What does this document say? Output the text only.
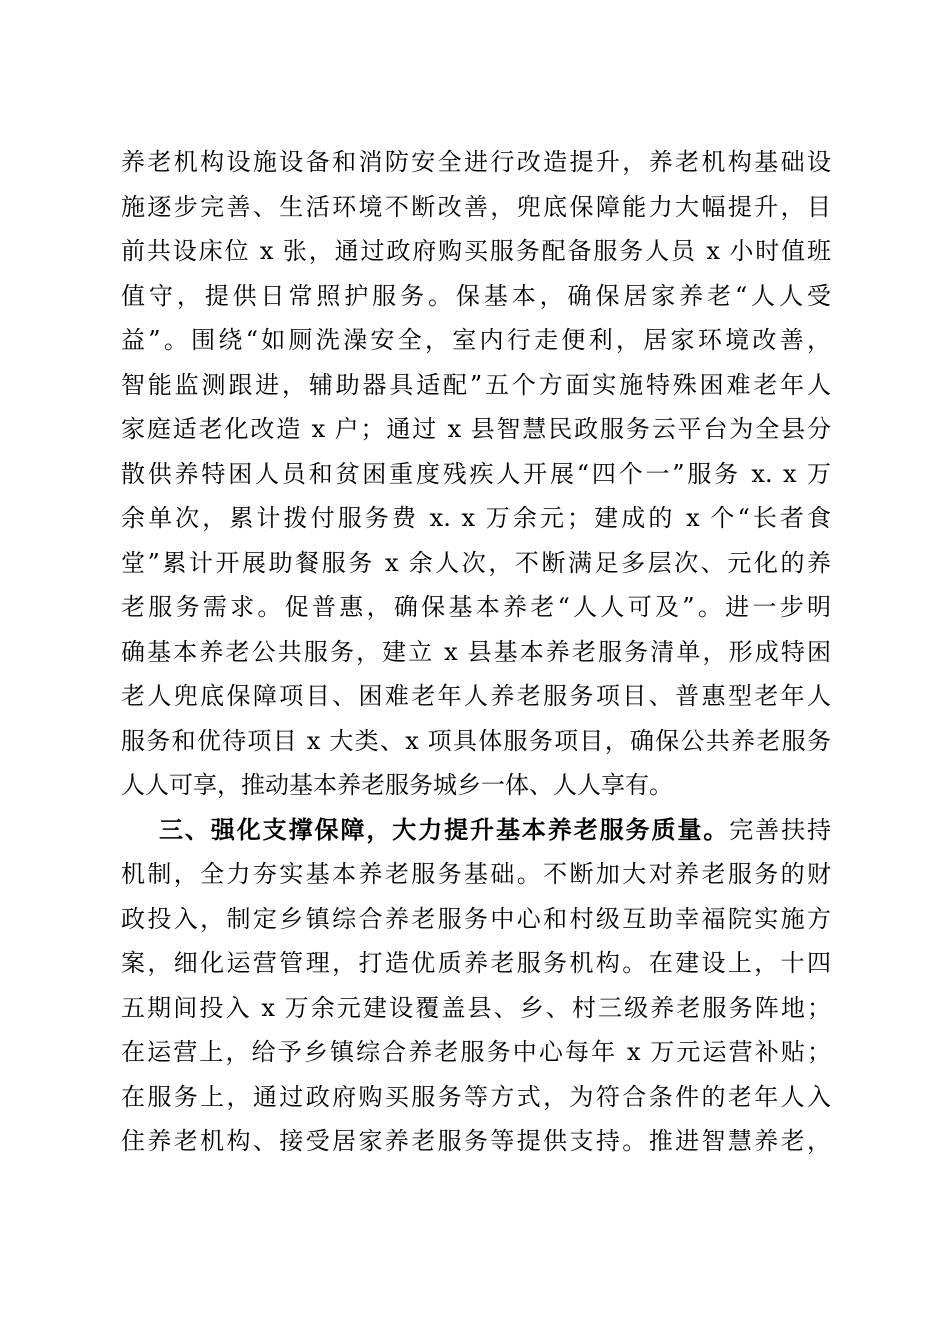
养老机构设施设备和消防安全进行改造提升，养老机构基础设
施逐步完善、生活环境不断改善，兜底保障能力大幅提升，目
前共设床位 x 张，通过政府购买服务配备服务人员 x 小时值班
值守，提供日常照护服务。保基本，确保居家养老“人人受
益”。围绕“如厕洗澡安全，室内行走便利，居家环境改善，
智能监测跟进，辅助器具适配”五个方面实施特殊困难老年人
家庭适老化改造 x 户；通过 x 县智慧民政服务云平台为全县分
散供养特困人员和贫困重度残疾人开展“四个一”服务 x. x 万
余单次，累计拨付服务费 x. x 万余元；建成的 x 个“长者食
堂”累计开展助餐服务 x 余人次，不断满足多层次、元化的养
老服务需求。促普惠，确保基本养老“人人可及”。进一步明
确基本养老公共服务，建立 x 县基本养老服务清单，形成特困
老人兜底保障项目、困难老年人养老服务项目、普惠型老年人
服务和优待项目 x 大类、x 项具体服务项目，确保公共养老服务
人人可享，推动基本养老服务城乡一体、人人享有。
三、强化支撑保障，大力提升基本养老服务质量。完善扶持
机制，全力夯实基本养老服务基础。不断加大对养老服务的财
政投入，制定乡镇综合养老服务中心和村级互助幸福院实施方
案，细化运营管理，打造优质养老服务机构。在建设上，十四
五期间投入 x 万余元建设覆盖县、乡、村三级养老服务阵地；
在运营上，给予乡镇综合养老服务中心每年 x 万元运营补贴；
在服务上，通过政府购买服务等方式，为符合条件的老年人入
住养老机构、接受居家养老服务等提供支持。推进智慧养老，
